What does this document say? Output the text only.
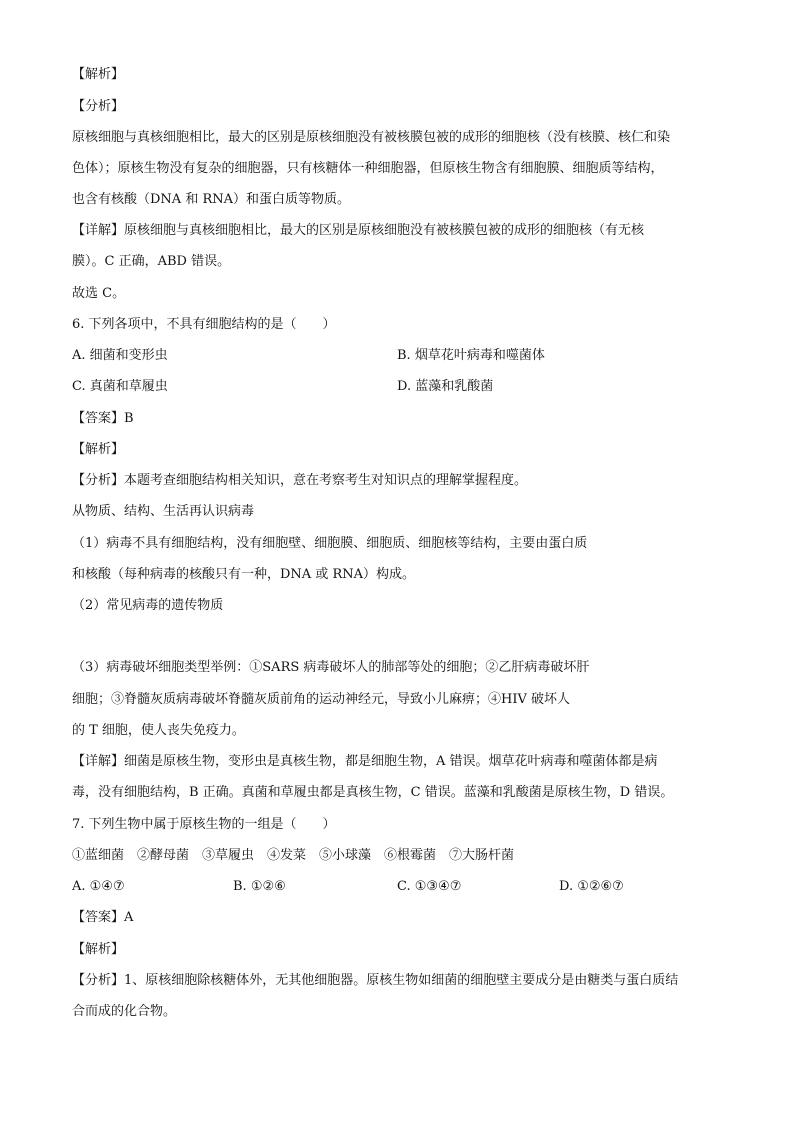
【解析】
【分析】
原核细胞与真核细胞相比，最大的区别是原核细胞没有被核膜包被的成形的细胞核（没有核膜、核仁和染
色体）；原核生物没有复杂的细胞器，只有核糖体一种细胞器，但原核生物含有细胞膜、细胞质等结构，
也含有核酸（DNA 和 RNA）和蛋白质等物质。
【详解】原核细胞与真核细胞相比，最大的区别是原核细胞没有被核膜包被的成形的细胞核（有无核
膜）。C 正确，ABD 错误。
故选 C。
6. 下列各项中，不具有细胞结构的是（　　）
A. 细菌和变形虫	B. 烟草花叶病毒和噬菌体
C. 真菌和草履虫	D. 蓝藻和乳酸菌
【答案】B
【解析】
【分析】本题考查细胞结构相关知识，意在考察考生对知识点的理解掌握程度。
从物质、结构、生活再认识病毒
（1）病毒不具有细胞结构，没有细胞壁、细胞膜、细胞质、细胞核等结构，主要由蛋白质
和核酸（每种病毒的核酸只有一种，DNA 或 RNA）构成。
（2）常见病毒的遗传物质
（3）病毒破坏细胞类型举例：①SARS 病毒破坏人的肺部等处的细胞；②乙肝病毒破坏肝
细胞；③脊髓灰质病毒破坏脊髓灰质前角的运动神经元，导致小儿麻痹；④HIV 破坏人
的 T 细胞，使人丧失免疫力。
【详解】细菌是原核生物，变形虫是真核生物，都是细胞生物，A 错误。烟草花叶病毒和噬菌体都是病
毒，没有细胞结构，B 正确。真菌和草履虫都是真核生物，C 错误。蓝藻和乳酸菌是原核生物，D 错误。
7. 下列生物中属于原核生物的一组是（　　）
①蓝细菌　②酵母菌　③草履虫　④发菜　⑤小球藻　⑥根霉菌　⑦大肠杆菌
A. ①④⑦	B. ①②⑥	C. ①③④⑦	D. ①②⑥⑦
【答案】A
【解析】
【分析】1、原核细胞除核糖体外，无其他细胞器。原核生物如细菌的细胞壁主要成分是由糖类与蛋白质结
合而成的化合物。
